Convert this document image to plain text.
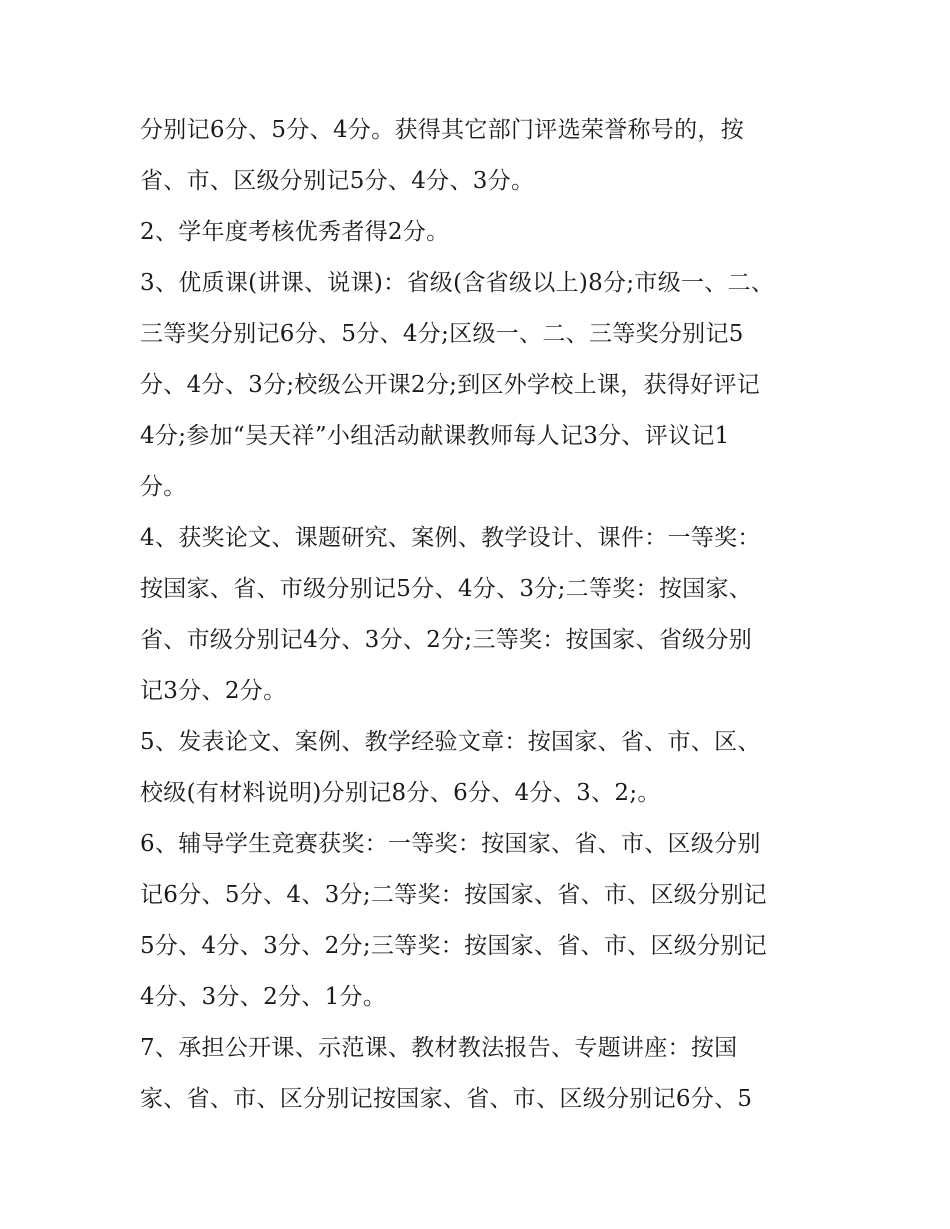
分别记6分、5分、4分。获得其它部门评选荣誉称号的，按
省、市、区级分别记5分、4分、3分。
2、学年度考核优秀者得2分。
3、优质课(讲课、说课)：省级(含省级以上)8分;市级一、二、
三等奖分别记6分、5分、4分;区级一、二、三等奖分别记5
分、4分、3分;校级公开课2分;到区外学校上课，获得好评记
4分;参加“吴天祥”小组活动献课教师每人记3分、评议记1
分。
4、获奖论文、课题研究、案例、教学设计、课件：一等奖：
按国家、省、市级分别记5分、4分、3分;二等奖：按国家、
省、市级分别记4分、3分、2分;三等奖：按国家、省级分别
记3分、2分。
5、发表论文、案例、教学经验文章：按国家、省、市、区、
校级(有材料说明)分别记8分、6分、4分、3、2;。
6、辅导学生竞赛获奖：一等奖：按国家、省、市、区级分别
记6分、5分、4、3分;二等奖：按国家、省、市、区级分别记
5分、4分、3分、2分;三等奖：按国家、省、市、区级分别记
4分、3分、2分、1分。
7、承担公开课、示范课、教材教法报告、专题讲座：按国
家、省、市、区分别记按国家、省、市、区级分别记6分、5
